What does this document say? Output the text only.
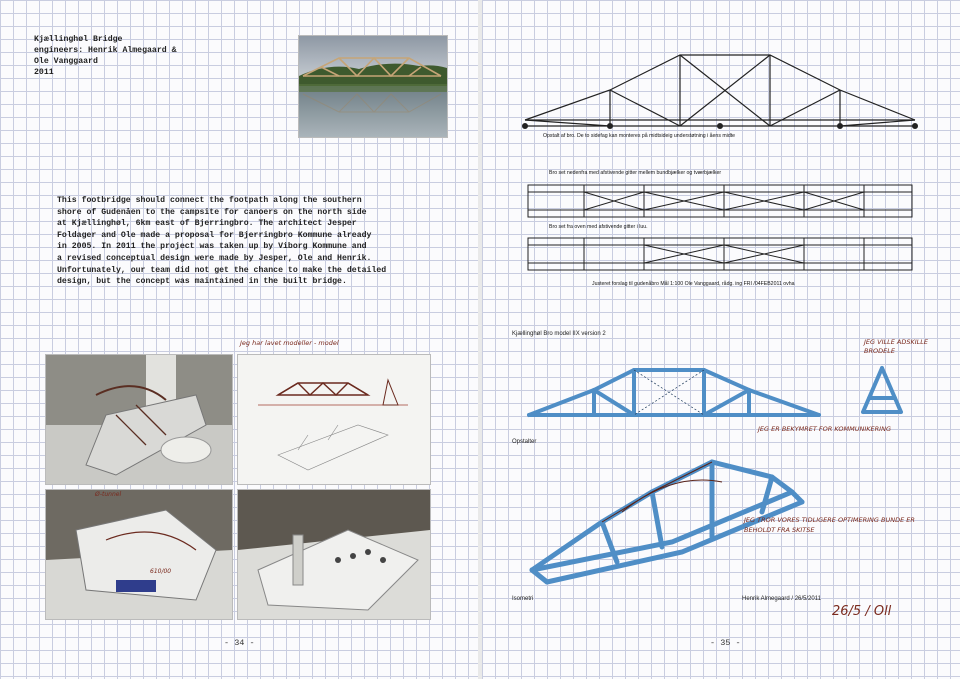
Kjællinghøl Bridge
engineers: Henrik Almegaard &
Ole Vanggaard
2011
This footbridge should connect the footpath along the southern
shore of Gudenåen to the campsite for canoers on the north side
at Kjællinghøl, 6km east of Bjerringbro. The architect Jesper
Foldager and Ole made a proposal for Bjerringbro Kommune already
in 2005. In 2011 the project was taken up by Viborg Kommune and
a revised conceptual design were made by Jesper, Ole and Henrik.
Unfortunately, our team did not get the chance to make the detailed
design, but the concept was maintained in the built bridge.
Jeg har lavet modeller - model
Ø-tunnel
610/00
- 34 -
Opstalt af bro. De to sidefag kan monteres på midtsideig understøtning i åens midte
Bro set nedenfra med afstivende gitter mellem bundbjælker og tværbjælker
Bro set fra oven med afstivende gitter i luu.
Justeret forslag til gudenåbro Mål 1:100 Ole Vanggaard, rådg. ing FRI /04FEB2011 ovha
Kjællinghøl Bro model IIX version 2
Opstalter
Isometri	Henrik Almegaard / 26/5/2011
JEG VILLE ADSKILLE BRODELE
JEG ER BEKYMRET FOR KOMMUNIKERING
JEG TROR VORES TIDLIGERE OPTIMERING BUNDE ER BEHOLDT FRA SKITSE
26/5 / Oll
- 35 -
